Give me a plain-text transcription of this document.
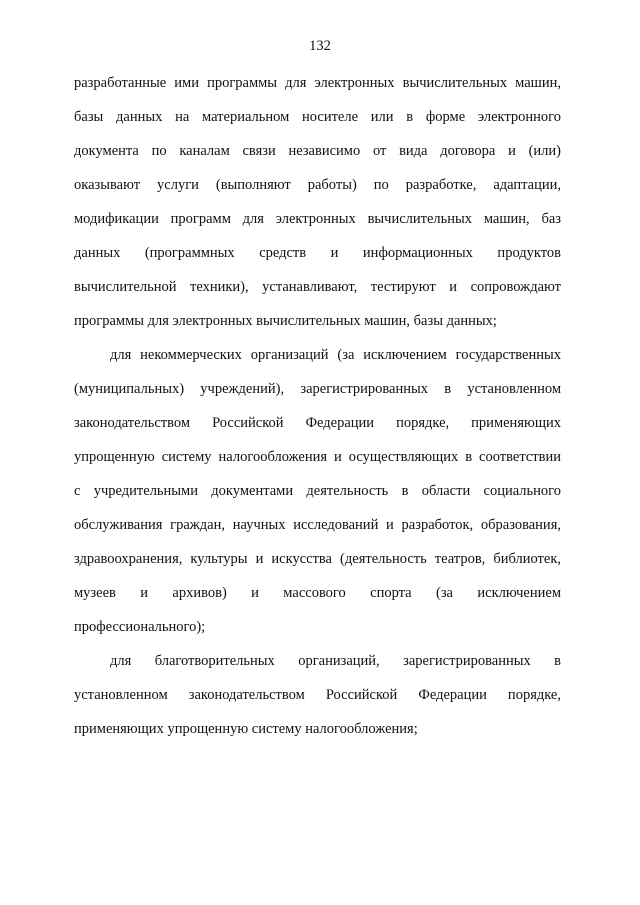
132
разработанные ими программы для электронных вычислительных машин,
базы данных на материальном носителе или в форме электронного
документа по каналам связи независимо от вида договора и (или)
оказывают услуги (выполняют работы) по разработке, адаптации,
модификации программ для электронных вычислительных машин, баз
данных (программных средств и информационных продуктов
вычислительной техники), устанавливают, тестируют и сопровождают
программы для электронных вычислительных машин, базы данных;
для некоммерческих организаций (за исключением государственных
(муниципальных) учреждений), зарегистрированных в установленном
законодательством Российской Федерации порядке, применяющих
упрощенную систему налогообложения и осуществляющих в соответствии
с учредительными документами деятельность в области социального
обслуживания граждан, научных исследований и разработок, образования,
здравоохранения, культуры и искусства (деятельность театров, библиотек,
музеев и архивов) и массового спорта (за исключением
профессионального);
для благотворительных организаций, зарегистрированных в
установленном законодательством Российской Федерации порядке,
применяющих упрощенную систему налогообложения;
